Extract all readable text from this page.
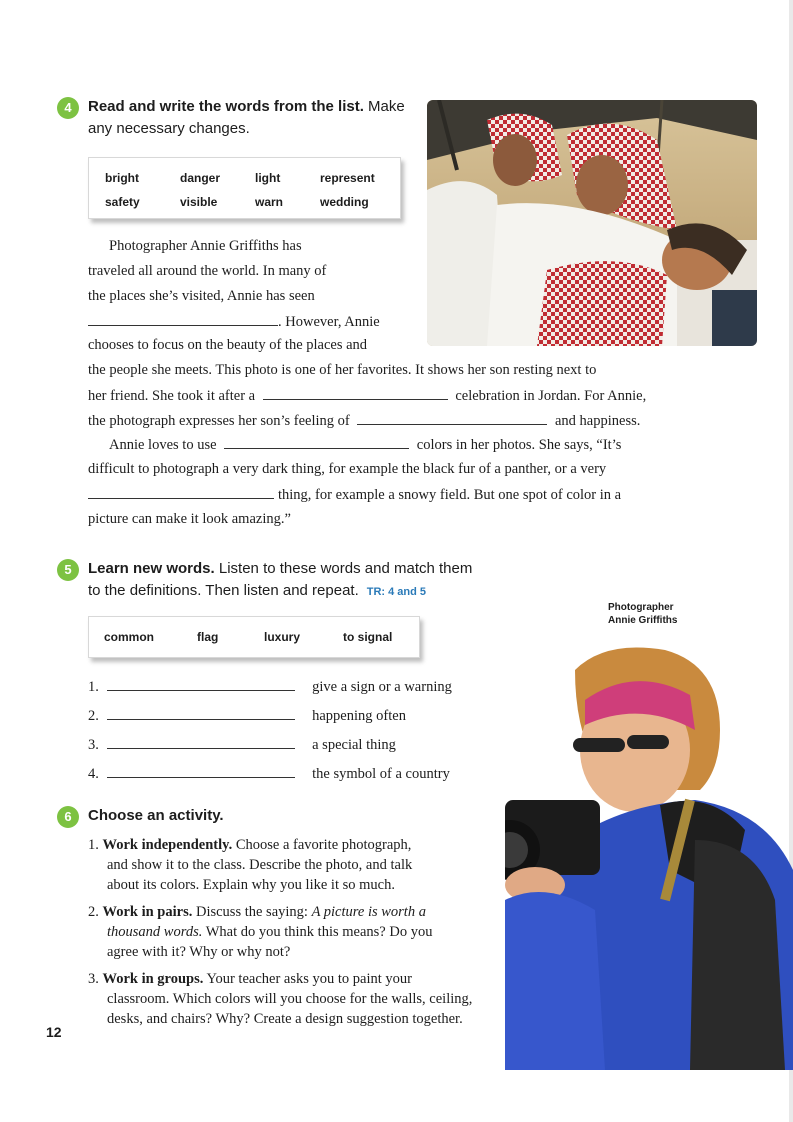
4	Read and write the words from the list. Make
any necessary changes.
bright	danger	light	represent
safety	visible	warn	wedding
Photographer Annie Griffiths has
traveled all around the world. In many of
the places she’s visited, Annie has seen
. However, Annie
chooses to focus on the beauty of the places and
the people she meets. This photo is one of her favorites. It shows her son resting next to
her friend. She took it after a	celebration in Jordan. For Annie,
the photograph expresses her son’s feeling of	and happiness.
Annie loves to use	colors in her photos. She says, “It’s
difficult to photograph a very dark thing, for example the black fur of a panther, or a very
thing, for example a snowy field. But one spot of color in a
picture can make it look amazing.”
5	Learn new words. Listen to these words and match them
to the definitions. Then listen and repeat. TR: 4 and 5
Photographer
Annie Griffiths
common	flag	luxury	to signal
1.	give a sign or a warning
2.	happening often
3.	a special thing
4.	the symbol of a country
6	Choose an activity.
1. Work independently. Choose a favorite photograph,
and show it to the class. Describe the photo, and talk
about its colors. Explain why you like it so much.
2. Work in pairs. Discuss the saying: A picture is worth a
thousand words. What do you think this means? Do you
agree with it? Why or why not?
3. Work in groups. Your teacher asks you to paint your
classroom. Which colors will you choose for the walls, ceiling,
desks, and chairs? Why? Create a design suggestion together.
12
